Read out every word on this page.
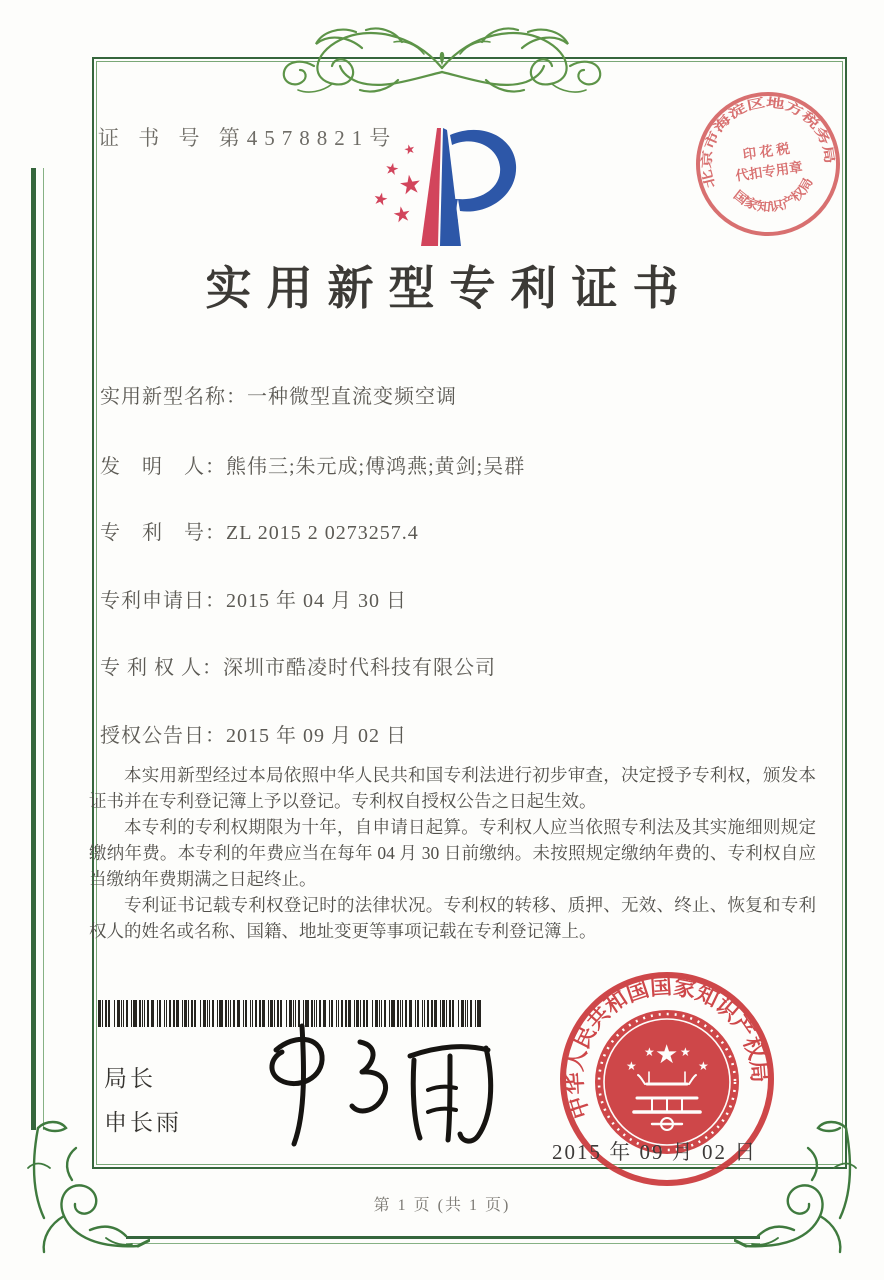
证 书 号 第4578821号 ★
★
★
★
★
实用新型专利证书
实用新型名称：一种微型直流变频空调
发　明　人：熊伟三;朱元成;傅鸿燕;黄剑;吴群
专　利　号：ZL 2015 2 0273257.4
专利申请日：2015 年 04 月 30 日
专 利 权 人：深圳市酷凌时代科技有限公司
授权公告日：2015 年 09 月 02 日

本实用新型经过本局依照中华人民共和国专利法进行初步审查，决定授予专利权，颁发本证书并在专利登记簿上予以登记。专利权自授权公告之日起生效。

本专利的专利权期限为十年，自申请日起算。专利权人应当依照专利法及其实施细则规定缴纳年费。本专利的年费应当在每年 04 月 30 日前缴纳。未按照规定缴纳年费的、专利权自应当缴纳年费期满之日起终止。

专利证书记载专利权登记时的法律状况。专利权的转移、质押、无效、终止、恢复和专利权人的姓名或名称、国籍、地址变更等事项记载在专利登记簿上。

局长
申长雨
中华人民共和国国家知识产权局
★
★
★ ★
★
2015 年 09 月 02 日
北京市海淀区地方税务局
国家知识产权局
印 花 税
代扣专用章
第 1 页 (共 1 页)
